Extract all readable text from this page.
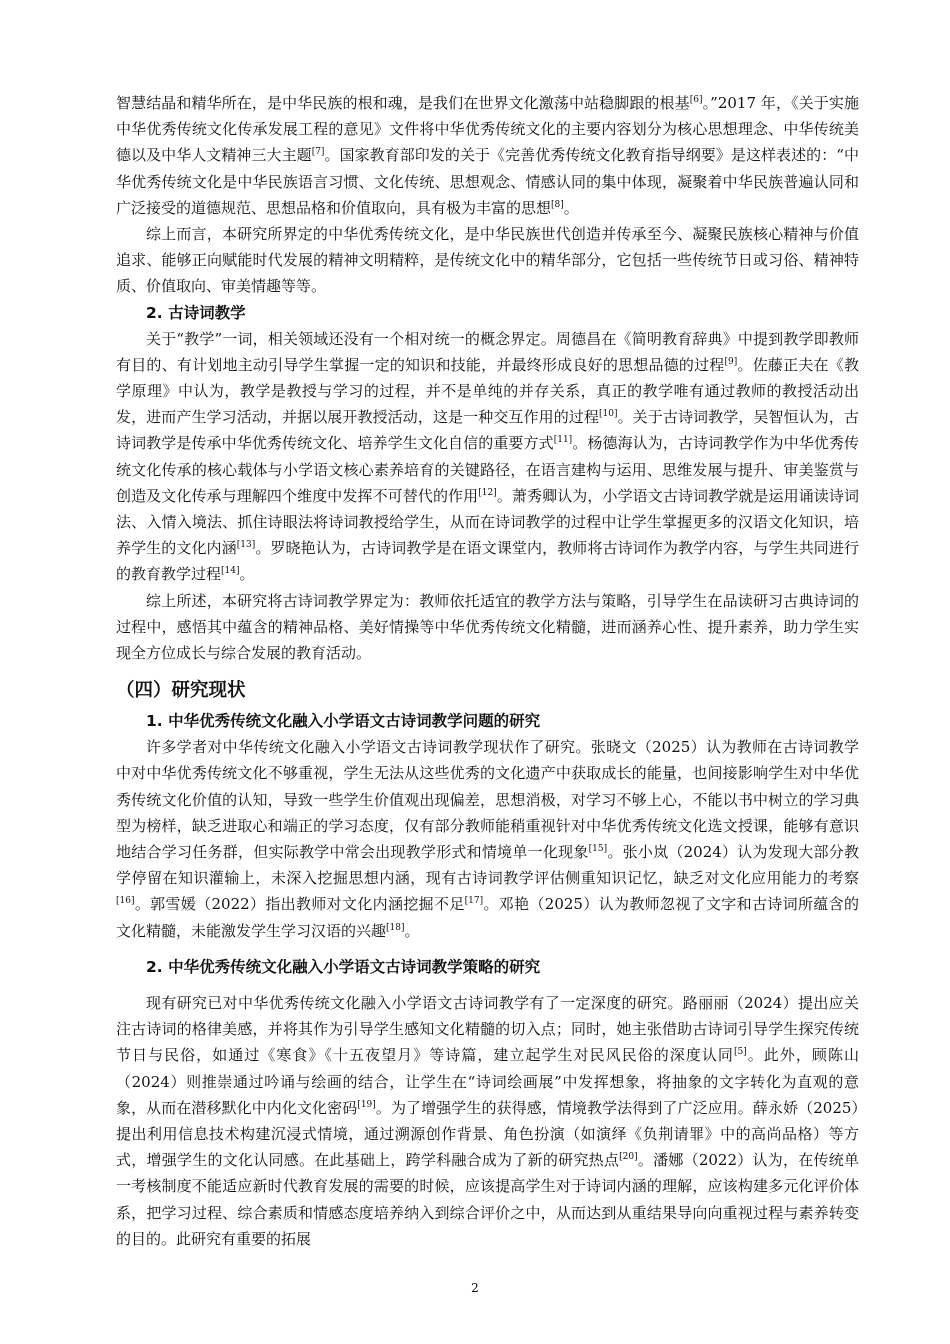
智慧结晶和精华所在，是中华民族的根和魂，是我们在世界文化激荡中站稳脚跟的根基[6]。”2017 年，《关于实施中华优秀传统文化传承发展工程的意见》文件将中华优秀传统文化的主要内容划分为核心思想理念、中华传统美德以及中华人文精神三大主题[7]。国家教育部印发的关于《完善优秀传统文化教育指导纲要》是这样表述的：“中华优秀传统文化是中华民族语言习惯、文化传统、思想观念、情感认同的集中体现，凝聚着中华民族普遍认同和广泛接受的道德规范、思想品格和价值取向，具有极为丰富的思想[8]。

综上而言，本研究所界定的中华优秀传统文化，是中华民族世代创造并传承至今、凝聚民族核心精神与价值追求、能够正向赋能时代发展的精神文明精粹，是传统文化中的精华部分，它包括一些传统节日或习俗、精神特质、价值取向、审美情趣等等。

2. 古诗词教学

关于“教学”一词，相关领域还没有一个相对统一的概念界定。周德昌在《简明教育辞典》中提到教学即教师有目的、有计划地主动引导学生掌握一定的知识和技能，并最终形成良好的思想品德的过程[9]。佐藤正夫在《教学原理》中认为，教学是教授与学习的过程，并不是单纯的并存关系，真正的教学唯有通过教师的教授活动出发，进而产生学习活动，并据以展开教授活动，这是一种交互作用的过程[10]。关于古诗词教学，吴智恒认为，古诗词教学是传承中华优秀传统文化、培养学生文化自信的重要方式[11]。杨德海认为，古诗词教学作为中华优秀传统文化传承的核心载体与小学语文核心素养培育的关键路径，在语言建构与运用、思维发展与提升、审美鉴赏与创造及文化传承与理解四个维度中发挥不可替代的作用[12]。萧秀卿认为，小学语文古诗词教学就是运用诵读诗词法、入情入境法、抓住诗眼法将诗词教授给学生，从而在诗词教学的过程中让学生掌握更多的汉语文化知识，培养学生的文化内涵[13]。罗晓艳认为，古诗词教学是在语文课堂内，教师将古诗词作为教学内容，与学生共同进行的教育教学过程[14]。

综上所述，本研究将古诗词教学界定为：教师依托适宜的教学方法与策略，引导学生在品读研习古典诗词的过程中，感悟其中蕴含的精神品格、美好情操等中华优秀传统文化精髓，进而涵养心性、提升素养，助力学生实现全方位成长与综合发展的教育活动。

（四）研究现状
1. 中华优秀传统文化融入小学语文古诗词教学问题的研究

许多学者对中华传统文化融入小学语文古诗词教学现状作了研究。张晓文（2025）认为教师在古诗词教学中对中华优秀传统文化不够重视，学生无法从这些优秀的文化遗产中获取成长的能量，也间接影响学生对中华优秀传统文化价值的认知，导致一些学生价值观出现偏差，思想消极，对学习不够上心，不能以书中树立的学习典型为榜样，缺乏进取心和端正的学习态度，仅有部分教师能稍重视针对中华优秀传统文化选文授课，能够有意识地结合学习任务群，但实际教学中常会出现教学形式和情境单一化现象[15]。张小岚（2024）认为发现大部分教学停留在知识灌输上，未深入挖掘思想内涵，现有古诗词教学评估侧重知识记忆，缺乏对文化应用能力的考察[16]。郭雪媛（2022）指出教师对文化内涵挖掘不足[17]。邓艳（2025）认为教师忽视了文字和古诗词所蕴含的文化精髓，未能激发学生学习汉语的兴趣[18]。

2. 中华优秀传统文化融入小学语文古诗词教学策略的研究

现有研究已对中华优秀传统文化融入小学语文古诗词教学有了一定深度的研究。路丽丽（2024）提出应关注古诗词的格律美感，并将其作为引导学生感知文化精髓的切入点；同时，她主张借助古诗词引导学生探究传统节日与民俗，如通过《寒食》《十五夜望月》等诗篇，建立起学生对民风民俗的深度认同[5]。此外，顾陈山（2024）则推崇通过吟诵与绘画的结合，让学生在“诗词绘画展”中发挥想象，将抽象的文字转化为直观的意象，从而在潜移默化中内化文化密码[19]。为了增强学生的获得感，情境教学法得到了广泛应用。薛永娇（2025）提出利用信息技术构建沉浸式情境，通过溯源创作背景、角色扮演（如演绎《负荆请罪》中的高尚品格）等方式，增强学生的文化认同感。在此基础上，跨学科融合成为了新的研究热点[20]。潘娜（2022）认为，在传统单一考核制度不能适应新时代教育发展的需要的时候，应该提高学生对于诗词内涵的理解，应该构建多元化评价体系，把学习过程、综合素质和情感态度培养纳入到综合评价之中，从而达到从重结果导向向重视过程与素养转变的目的。此研究有重要的拓展

2
